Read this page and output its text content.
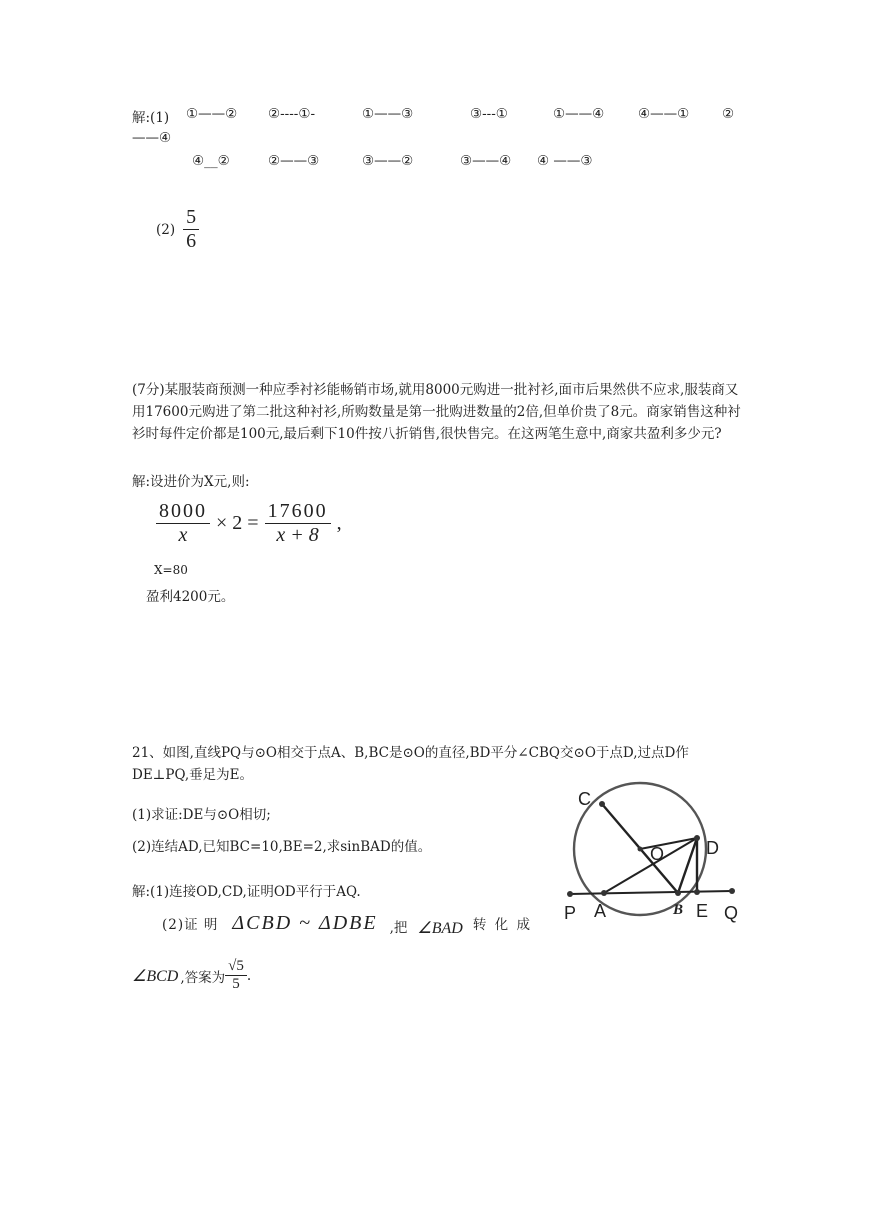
解:(1) ①——② ②----①-	①——③	③---①	①——④	④——① ②
——④
④__②	②——③	③——②	③——④ ④ ——③
$(2) \frac{5}{6}$
(7分)某服装商预测一种应季衬衫能畅销市场,就用8000元购进一批衬衫,面市后果然供不应求,服装商又用17600元购进了第二批这种衬衫,所购数量是第一批购进数量的2倍,但单价贵了8元。商家销售这种衬衫时每件定价都是100元,最后剩下10件按八折销售,很快售完。在这两笔生意中,商家共盈利多少元?
解:设进价为X元,则:
$\frac{8000}{x} \times 2 = \frac{17600}{x + 8}$ ,
X=80
盈利4200元。
21、如图,直线PQ与⊙O相交于点A、B,BC是⊙O的直径,BD平分∠CBQ交⊙O于点D,过点D作DE⊥PQ,垂足为E。
(1)求证:DE与⊙O相切;
(2)连结AD,已知BC=10,BE=2,求sinBAD的值。
解:(1)连接OD,CD,证明OD平行于AQ.
(2)证 明 ΔCBD ~ ΔDBE ,把 ∠BAD 转 化 成
∠BCD ,答案为 $\frac{√5}{5}$ .
C
O D
P A	B E Q
